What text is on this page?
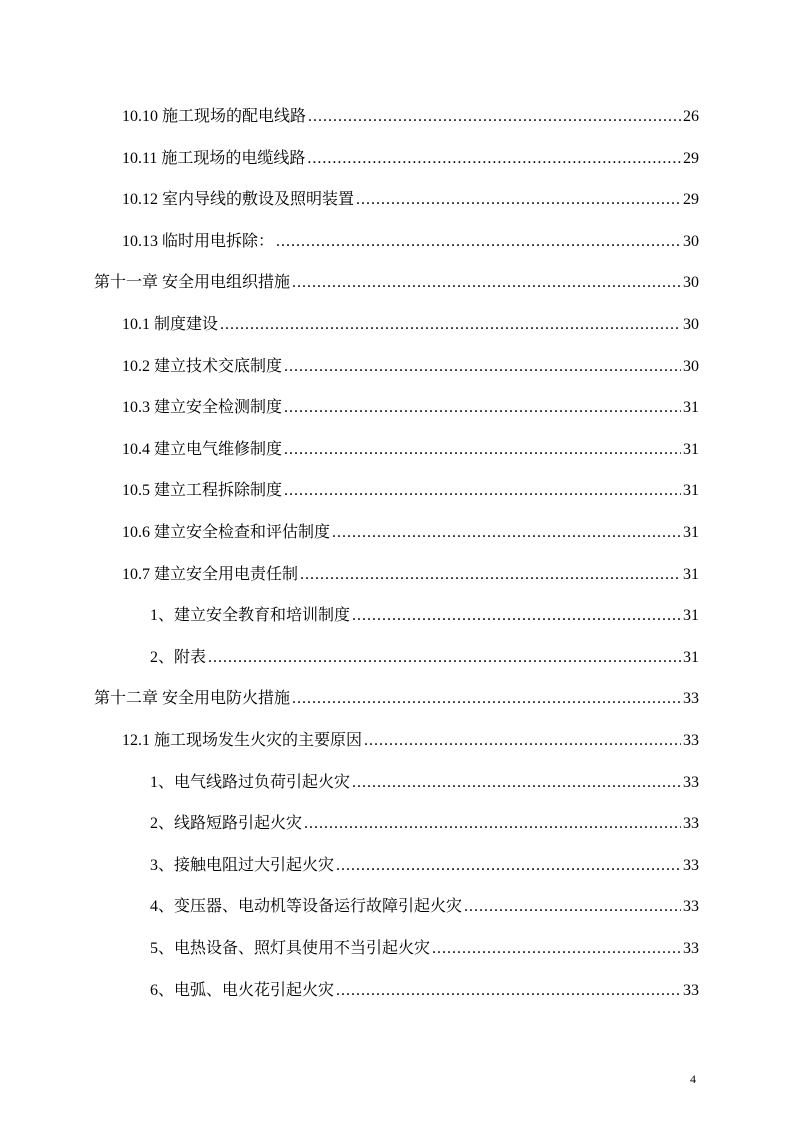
10.10 施工现场的配电线路 .....	26
10.11 施工现场的电缆线路 .....	29
10.12 室内导线的敷设及照明装置 .....	29
10.13 临时用电拆除： .....	30
第十一章 安全用电组织措施 .....	30
10.1 制度建设 .....	30
10.2 建立技术交底制度 .....	30
10.3 建立安全检测制度 .....	31
10.4 建立电气维修制度 .....	31
10.5 建立工程拆除制度 .....	31
10.6 建立安全检查和评估制度 .....	31
10.7 建立安全用电责任制 .....	31
1、建立安全教育和培训制度 .....	31
2、附表 .....	31
第十二章 安全用电防火措施 .....	33
12.1 施工现场发生火灾的主要原因 .....	33
1、电气线路过负荷引起火灾 .....	33
2、线路短路引起火灾 .....	33
3、接触电阻过大引起火灾 .....	33
4、变压器、电动机等设备运行故障引起火灾 .....	33
5、电热设备、照灯具使用不当引起火灾 .....	33
6、电弧、电火花引起火灾 .....	33
4
